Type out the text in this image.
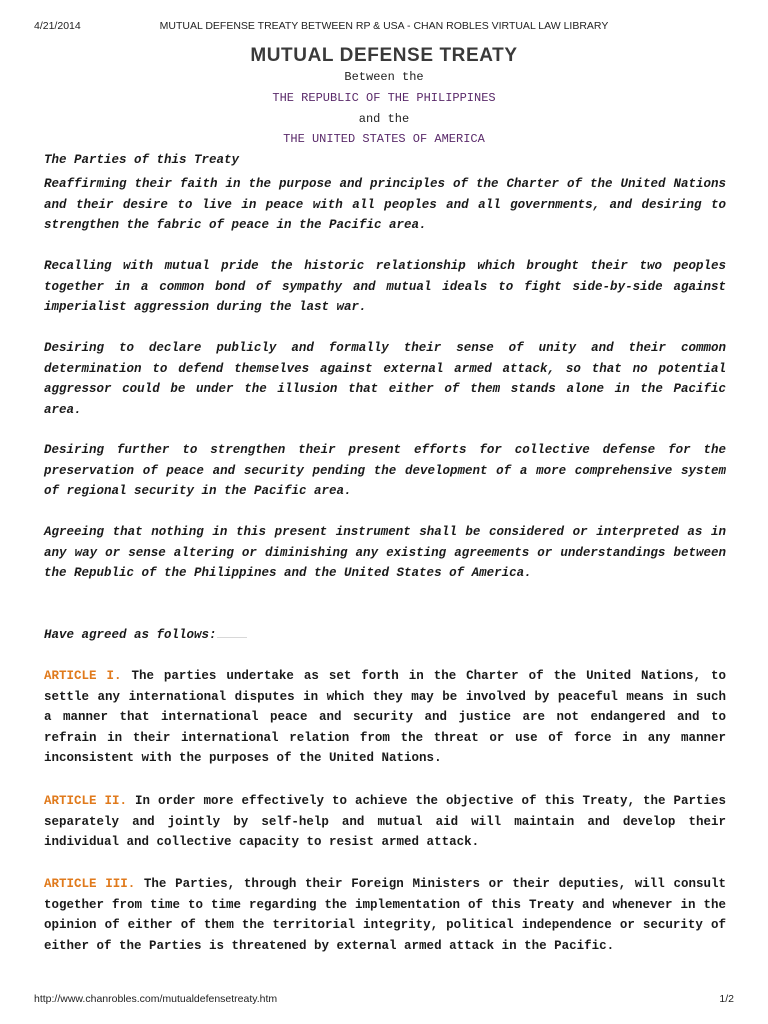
4/21/2014	MUTUAL DEFENSE TREATY BETWEEN RP & USA - CHAN ROBLES VIRTUAL LAW LIBRARY
MUTUAL DEFENSE TREATY
Between the
THE REPUBLIC OF THE PHILIPPINES
and the
THE UNITED STATES OF AMERICA

The Parties of this Treaty

Reaffirming their faith in the purpose and principles of the Charter of the United Nations and their desire to live in peace with all peoples and all governments, and desiring to strengthen the fabric of peace in the Pacific area.

Recalling with mutual pride the historic relationship which brought their two peoples together in a common bond of sympathy and mutual ideals to fight side-by-side against imperialist aggression during the last war.

Desiring to declare publicly and formally their sense of unity and their common determination to defend themselves against external armed attack, so that no potential aggressor could be under the illusion that either of them stands alone in the Pacific area.

Desiring further to strengthen their present efforts for collective defense for the preservation of peace and security pending the development of a more comprehensive system of regional security in the Pacific area.

Agreeing that nothing in this present instrument shall be considered or interpreted as in any way or sense altering or diminishing any existing agreements or understandings between the Republic of the Philippines and the United States of America.

Have agreed as follows:

ARTICLE I. The parties undertake as set forth in the Charter of the United Nations, to settle any international disputes in which they may be involved by peaceful means in such a manner that international peace and security and justice are not endangered and to refrain in their international relation from the threat or use of force in any manner inconsistent with the purposes of the United Nations.

ARTICLE II. In order more effectively to achieve the objective of this Treaty, the Parties separately and jointly by self-help and mutual aid will maintain and develop their individual and collective capacity to resist armed attack.

ARTICLE III. The Parties, through their Foreign Ministers or their deputies, will consult together from time to time regarding the implementation of this Treaty and whenever in the opinion of either of them the territorial integrity, political independence or security of either of the Parties is threatened by external armed attack in the Pacific.

http://www.chanrobles.com/mutualdefensetreaty.htm	1/2
